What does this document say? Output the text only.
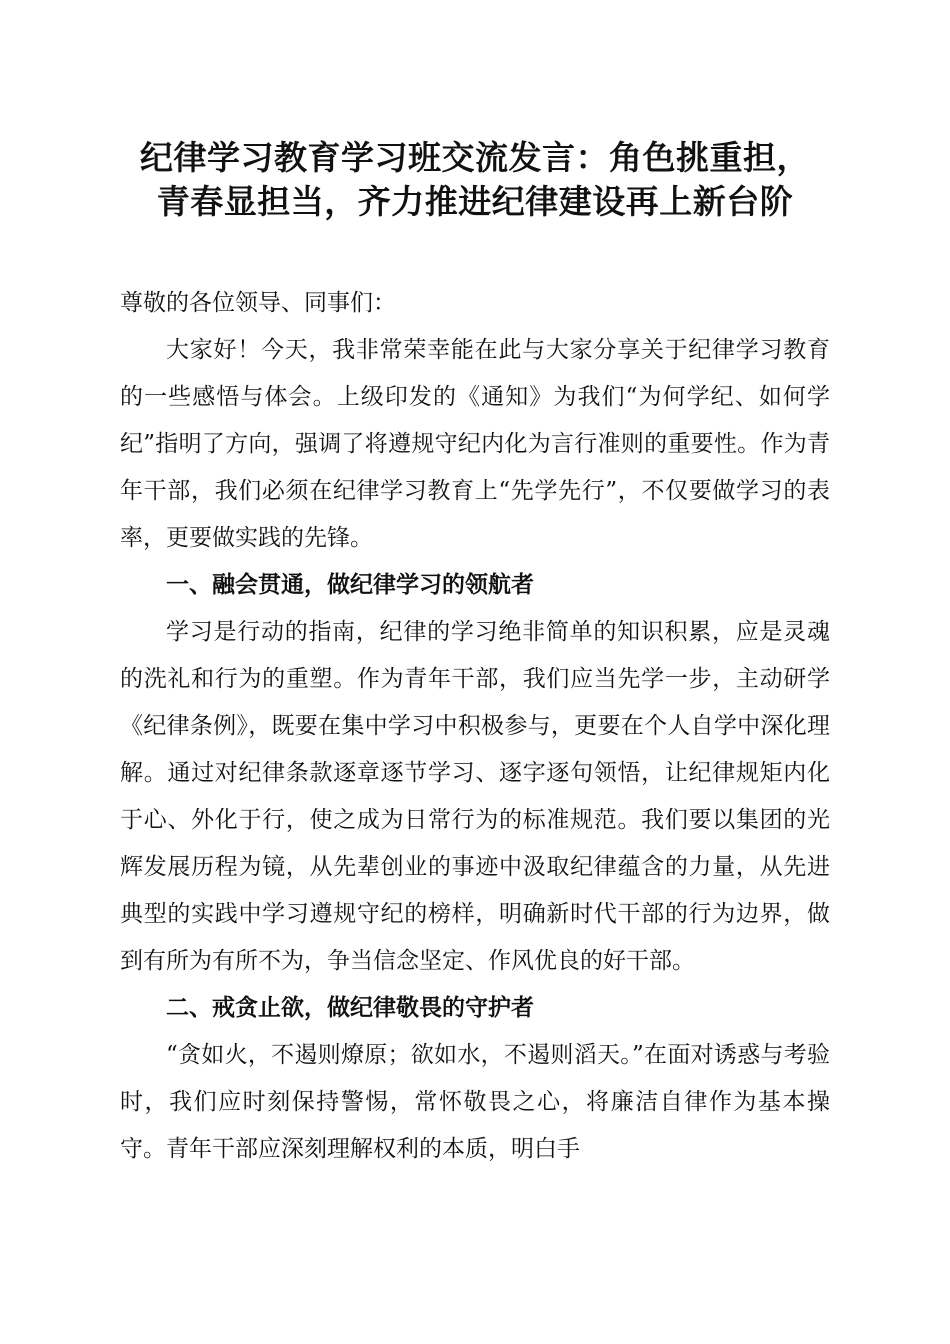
纪律学习教育学习班交流发言：角色挑重担，
青春显担当，齐力推进纪律建设再上新台阶

尊敬的各位领导、同事们：

大家好！今天，我非常荣幸能在此与大家分享关于纪律学习教育的一些感悟与体会。上级印发的《通知》为我们“为何学纪、如何学纪”指明了方向，强调了将遵规守纪内化为言行准则的重要性。作为青年干部，我们必须在纪律学习教育上“先学先行”，不仅要做学习的表率，更要做实践的先锋。

一、融会贯通，做纪律学习的领航者

学习是行动的指南，纪律的学习绝非简单的知识积累，应是灵魂的洗礼和行为的重塑。作为青年干部，我们应当先学一步，主动研学《纪律条例》，既要在集中学习中积极参与，更要在个人自学中深化理解。通过对纪律条款逐章逐节学习、逐字逐句领悟，让纪律规矩内化于心、外化于行，使之成为日常行为的标准规范。我们要以集团的光辉发展历程为镜，从先辈创业的事迹中汲取纪律蕴含的力量，从先进典型的实践中学习遵规守纪的榜样，明确新时代干部的行为边界，做到有所为有所不为，争当信念坚定、作风优良的好干部。

二、戒贪止欲，做纪律敬畏的守护者

“贪如火，不遏则燎原；欲如水，不遏则滔天。”在面对诱惑与考验时，我们应时刻保持警惕，常怀敬畏之心，将廉洁自律作为基本操守。青年干部应深刻理解权利的本质，明白手
